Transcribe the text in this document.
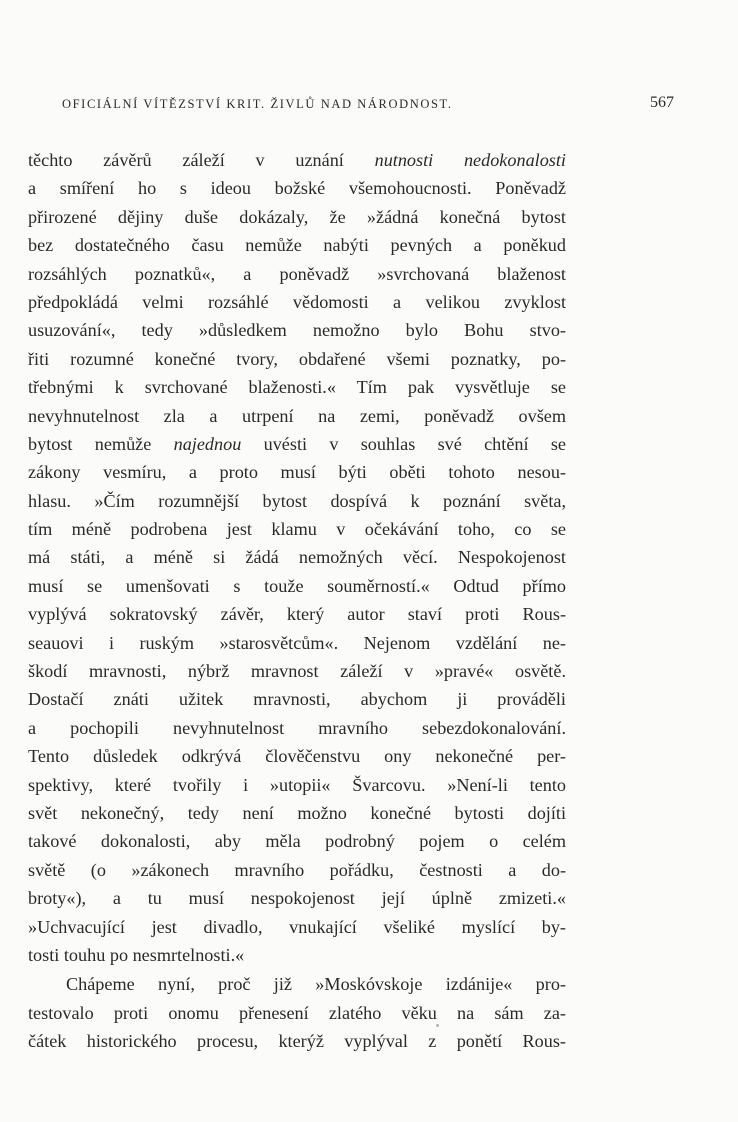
OFICIÁLNÍ VÍTĚZSTVÍ KRIT. ŽIVLŮ NAD NÁRODNOST.	567
těchto závěrů záleží v uznání nutnosti nedokonalosti
a smíření ho s ideou božské všemohoucnosti. Poněvadž
přirozené dějiny duše dokázaly, že »žádná konečná bytost
bez dostatečného času nemůže nabýti pevných a poněkud
rozsáhlých poznatků«, a poněvadž »svrchovaná blaženost
předpokládá velmi rozsáhlé vědomosti a velikou zvyklost
usuzování«, tedy »důsledkem nemožno bylo Bohu stvo-
řiti rozumné konečné tvory, obdařené všemi poznatky, po-
třebnými k svrchované blaženosti.« Tím pak vysvětluje se
nevyhnutelnost zla a utrpení na zemi, poněvadž ovšem
bytost nemůže najednou uvésti v souhlas své chtění se
zákony vesmíru, a proto musí býti oběti tohoto nesou-
hlasu. »Čím rozumnější bytost dospívá k poznání světa,
tím méně podrobena jest klamu v očekávání toho, co se
má státi, a méně si žádá nemožných věcí. Nespokojenost
musí se umenšovati s touže souměrností.« Odtud přímo
vyplývá sokratovský závěr, který autor staví proti Rous-
seauovi i ruským »starosvětcům«. Nejenom vzdělání ne-
škodí mravnosti, nýbrž mravnost záleží v »pravé« osvětě.
Dostačí znáti užitek mravnosti, abychom ji prováděli
a pochopili nevyhnutelnost mravního sebezdokonalování.
Tento důsledek odkrývá člověčenstvu ony nekonečné per-
spektivy, které tvořily i »utopii« Švarcovu. »Není-li tento
svět nekonečný, tedy není možno konečné bytosti dojíti
takové dokonalosti, aby měla podrobný pojem o celém
světě (o »zákonech mravního pořádku, čestnosti a do-
broty«), a tu musí nespokojenost její úplně zmizeti.«
»Uchvacující jest divadlo, vnukající všeliké myslící by-
tosti touhu po nesmrtelnosti.«
Chápeme nyní, proč již »Moskóvskoje izdánije« pro-
testovalo proti onomu přenesení zlatého věku na sám za-
čátek historického procesu, kterýž vyplýval z ponětí Rous-
